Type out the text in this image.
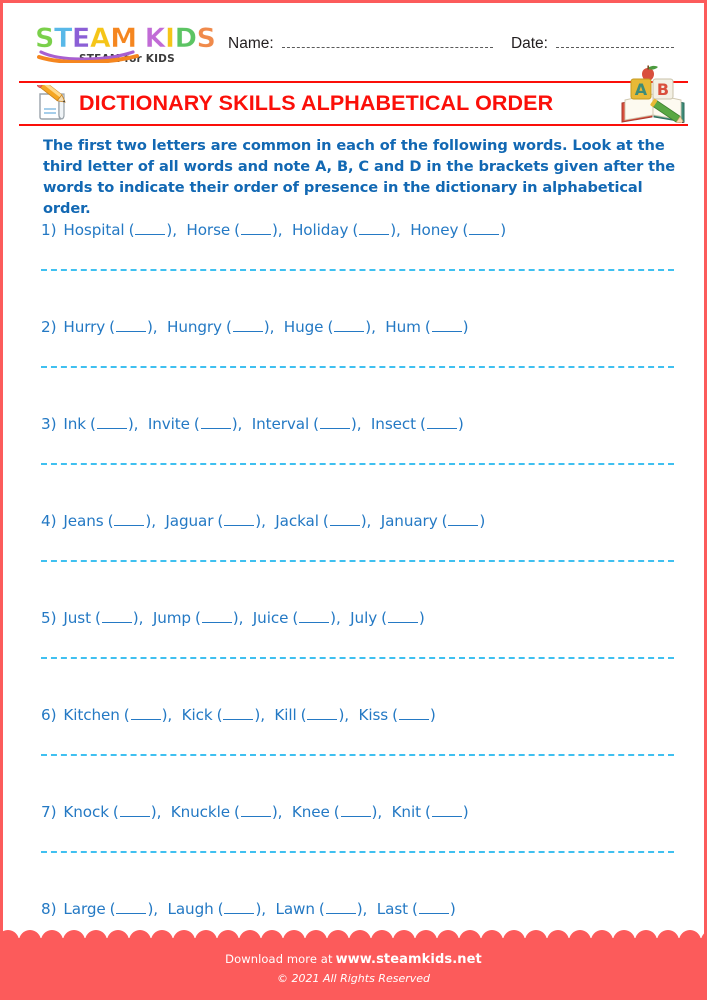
STEAM KIDS
STEAM for KIDS
Name:	Date:
DICTIONARY SKILLS ALPHABETICAL ORDER
A B
The first two letters are common in each of the following words. Look at the third letter of all words and note A, B, C and D in the brackets given after the words to indicate their order of presence in the dictionary in alphabetical order.
1) Hospital ( ),  Horse ( ),  Holiday ( ),  Honey ( )
2) Hurry ( ),  Hungry ( ),  Huge ( ),  Hum ( )
3) Ink ( ),  Invite ( ),  Interval ( ),  Insect ( )
4) Jeans ( ),  Jaguar ( ),  Jackal ( ),  January ( )
5) Just ( ),  Jump ( ),  Juice ( ),  July ( )
6) Kitchen ( ),  Kick ( ),  Kill ( ),  Kiss ( )
7) Knock ( ),  Knuckle ( ),  Knee ( ),  Knit ( )
8) Large ( ),  Laugh ( ),  Lawn ( ),  Last ( )
Download more at www.steamkids.net
© 2021 All Rights Reserved
